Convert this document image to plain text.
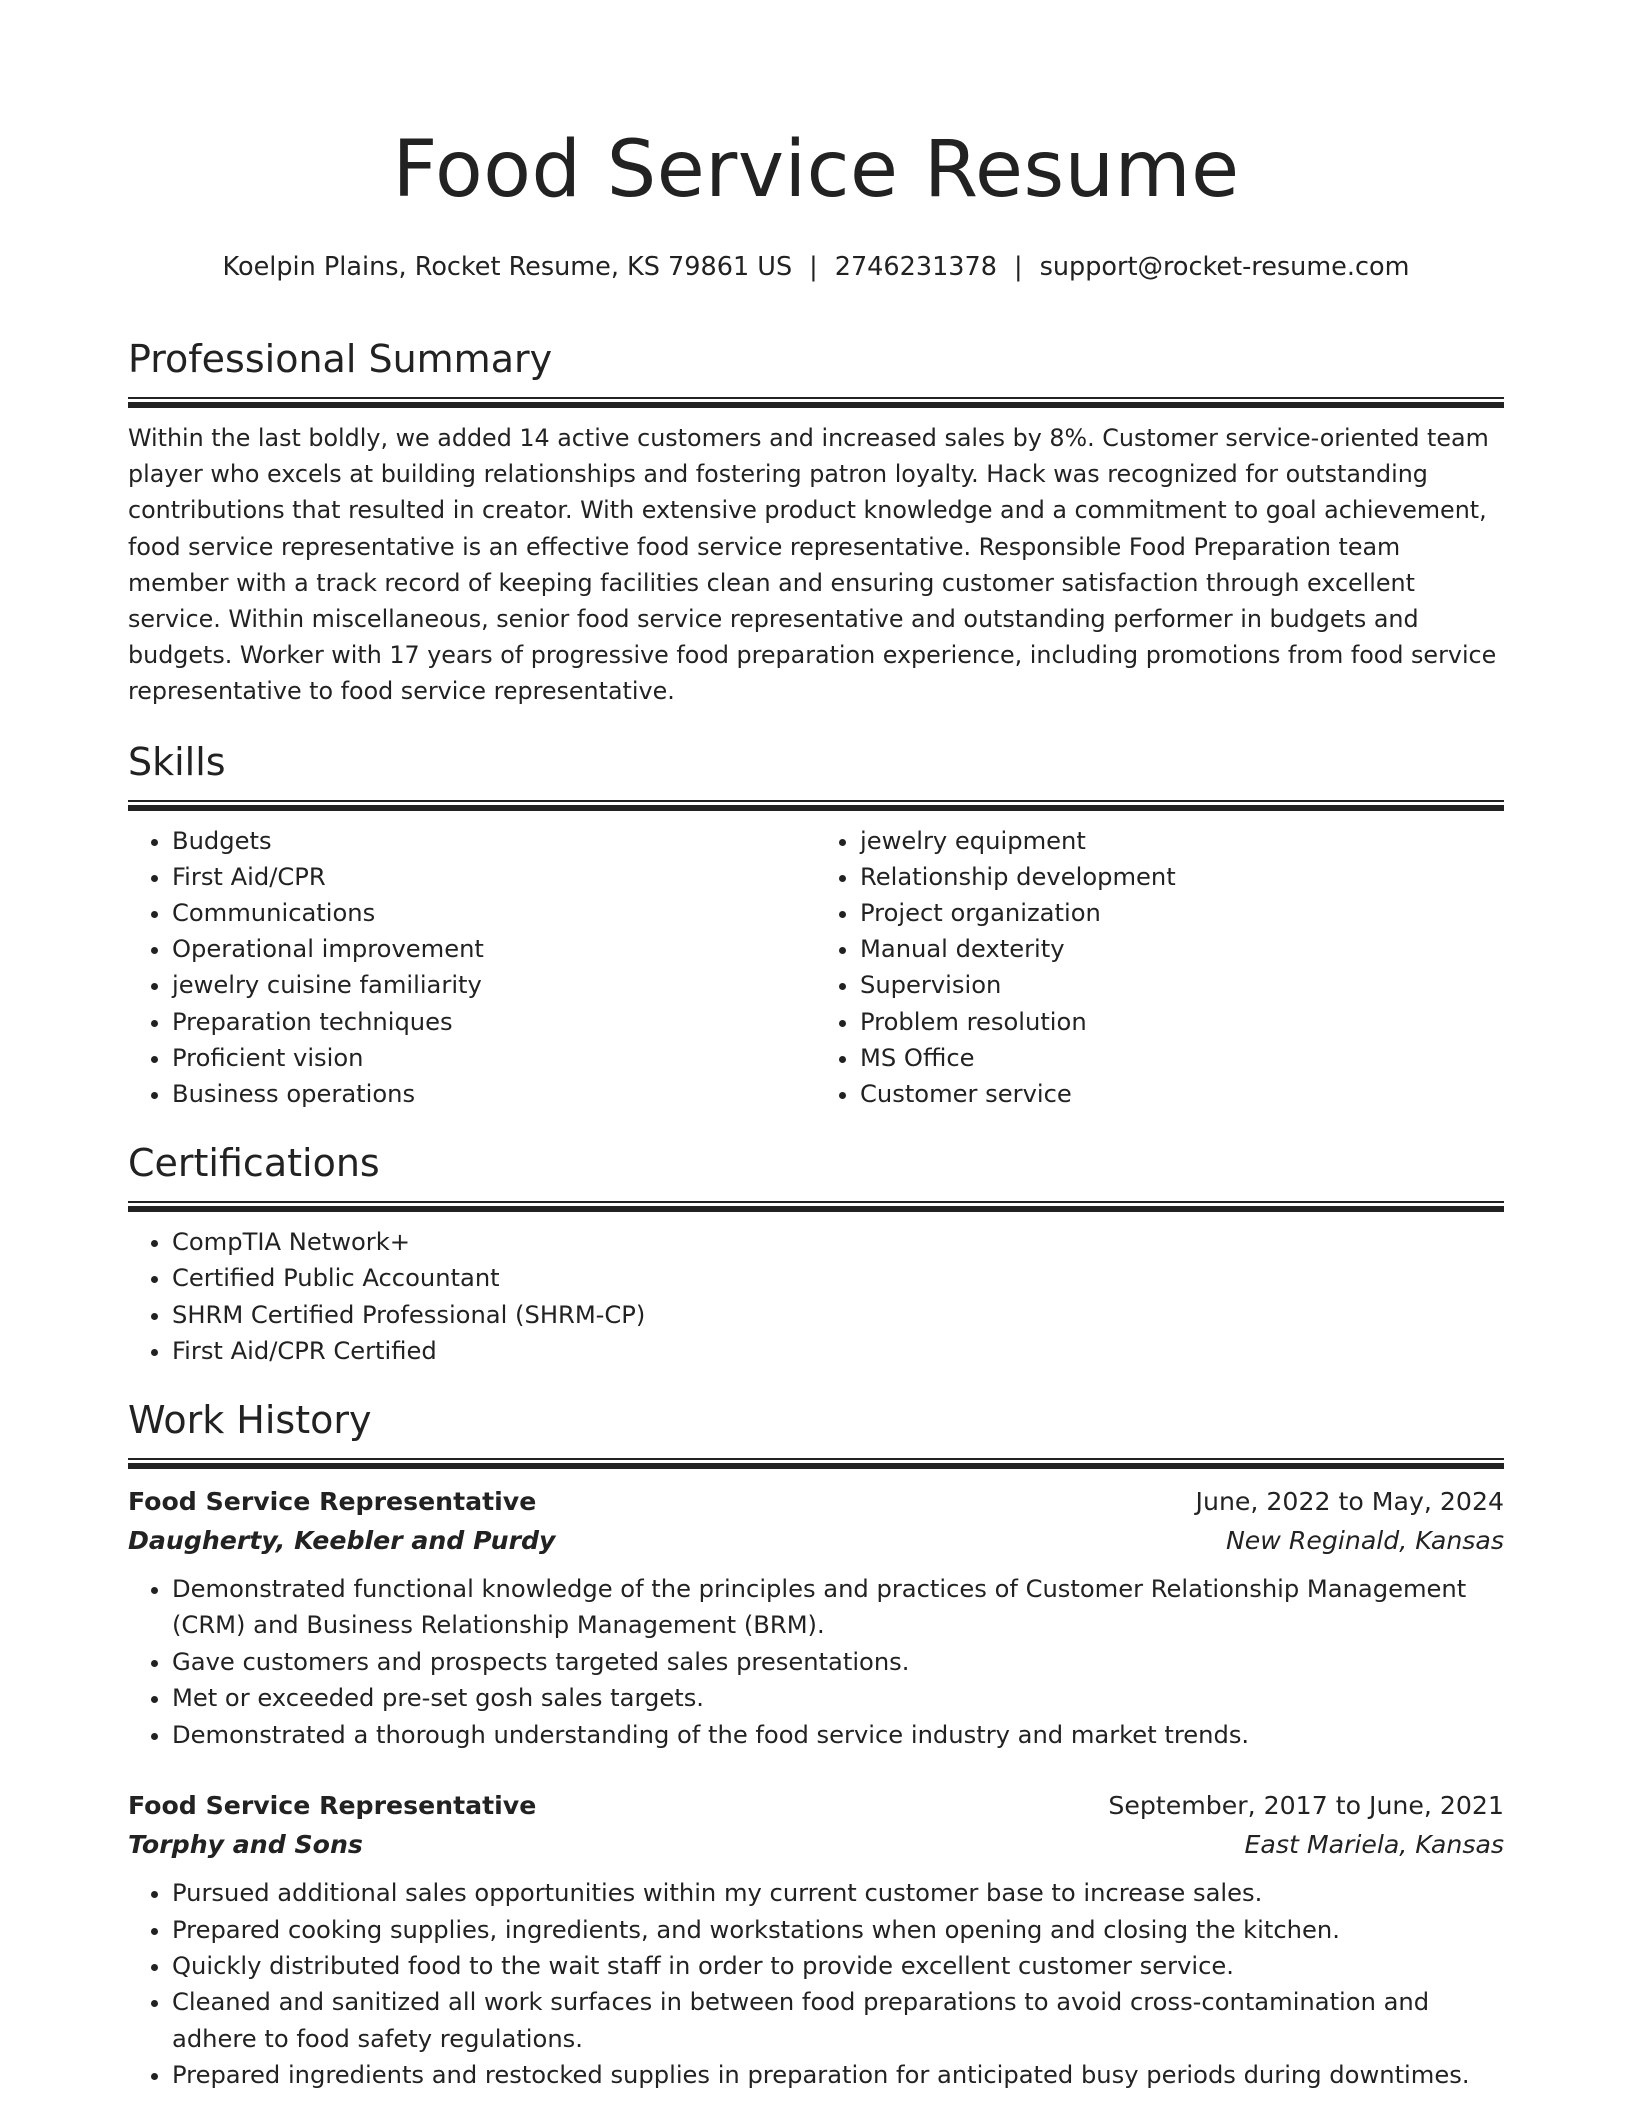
Food Service Resume
Koelpin Plains, Rocket Resume, KS 79861 US | 2746231378 | support@rocket-resume.com
Professional Summary

Within the last boldly, we added 14 active customers and increased sales by 8%. Customer service-oriented team player who excels at building relationships and fostering patron loyalty. Hack was recognized for outstanding contributions that resulted in creator. With extensive product knowledge and a commitment to goal achievement, food service representative is an effective food service representative. Responsible Food Preparation team member with a track record of keeping facilities clean and ensuring customer satisfaction through excellent service. Within miscellaneous, senior food service representative and outstanding performer in budgets and budgets. Worker with 17 years of progressive food preparation experience, including promotions from food service representative to food service representative.

Skills
• Budgets
• First Aid/CPR
• Communications
• Operational improvement
• jewelry cuisine familiarity
• Preparation techniques
• Proficient vision
• Business operations
• jewelry equipment
• Relationship development
• Project organization
• Manual dexterity
• Supervision
• Problem resolution
• MS Office
• Customer service
Certifications
• CompTIA Network+
• Certified Public Accountant
• SHRM Certified Professional (SHRM-CP)
• First Aid/CPR Certified
Work History
Food Service Representative	June, 2022 to May, 2024
Daugherty, Keebler and Purdy	New Reginald, Kansas
• Demonstrated functional knowledge of the principles and practices of Customer Relationship Management (CRM) and Business Relationship Management (BRM).
• Gave customers and prospects targeted sales presentations.
• Met or exceeded pre-set gosh sales targets.
• Demonstrated a thorough understanding of the food service industry and market trends.
Food Service Representative	September, 2017 to June, 2021
Torphy and Sons	East Mariela, Kansas
• Pursued additional sales opportunities within my current customer base to increase sales.
• Prepared cooking supplies, ingredients, and workstations when opening and closing the kitchen.
• Quickly distributed food to the wait staff in order to provide excellent customer service.
• Cleaned and sanitized all work surfaces in between food preparations to avoid cross-contamination and adhere to food safety regulations.
• Prepared ingredients and restocked supplies in preparation for anticipated busy periods during downtimes.
